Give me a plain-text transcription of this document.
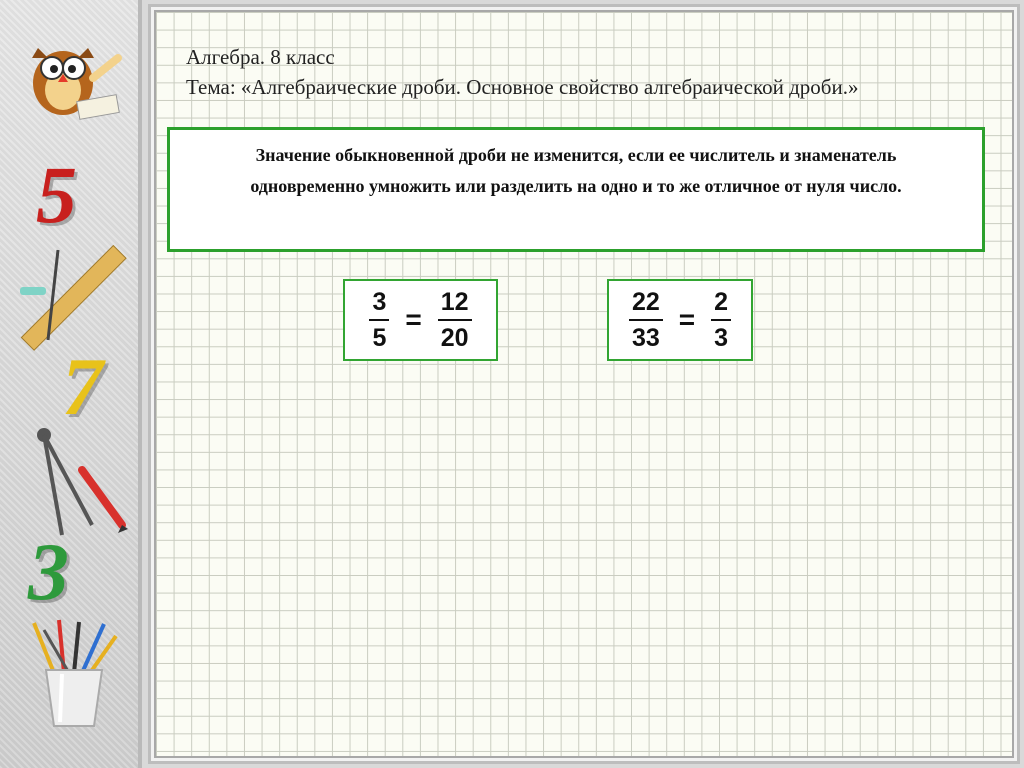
5
7
3
Алгебра. 8 класс
Тема: «Алгебраические дроби. Основное свойство алгебраической дроби.»
Значение обыкновенной дроби не изменится, если ее числитель и знаменатель одновременно умножить или разделить на одно и то же отличное от нуля число.
$\frac{3}{5} = \frac{12}{20}$	$\frac{22}{33} = \frac{2}{3}$
